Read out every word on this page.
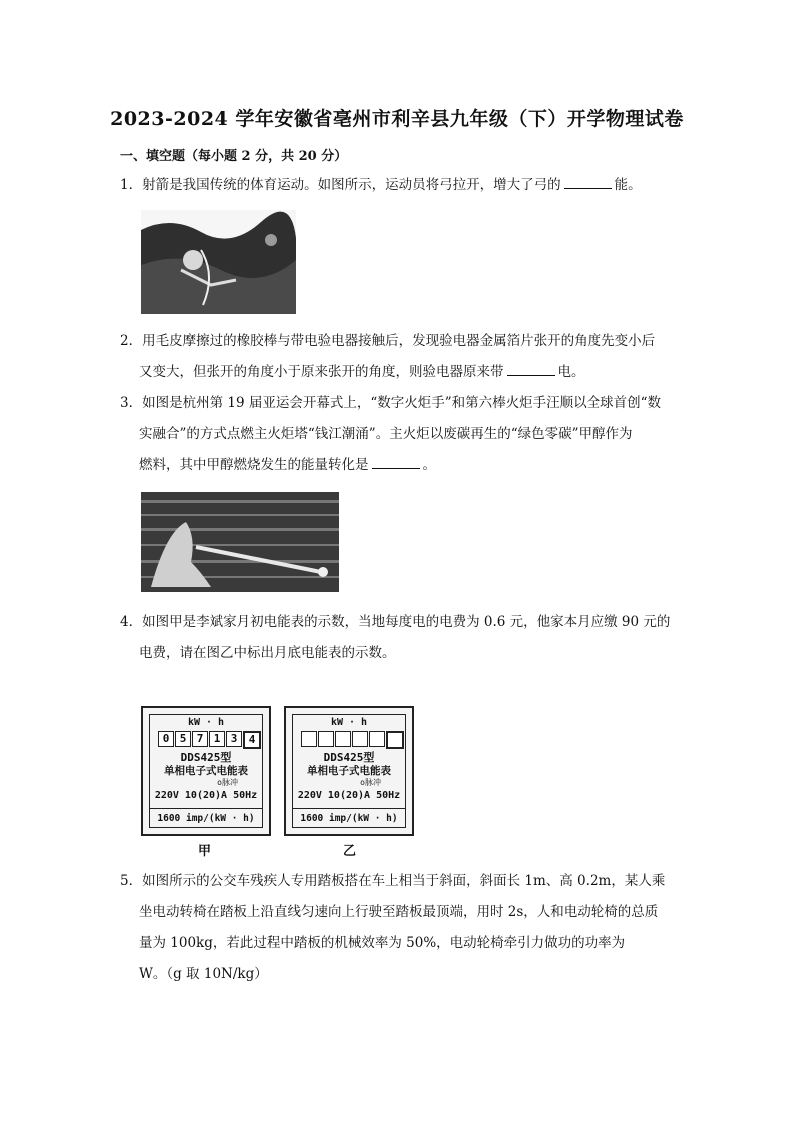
2023-2024 学年安徽省亳州市利辛县九年级（下）开学物理试卷
一、填空题（每小题 2 分，共 20 分）
1．射箭是我国传统的体育运动。如图所示，运动员将弓拉开，增大了弓的	能。
2．用毛皮摩擦过的橡胶棒与带电验电器接触后，发现验电器金属箔片张开的角度先变小后
又变大，但张开的角度小于原来张开的角度，则验电器原来带	电。
3．如图是杭州第 19 届亚运会开幕式上，“数字火炬手”和第六棒火炬手汪顺以全球首创“数
实融合”的方式点燃主火炬塔“钱江潮涌”。主火炬以废碳再生的“绿色零碳”甲醇作为
燃料，其中甲醇燃烧发生的能量转化是	。
4．如图甲是李斌家月初电能表的示数，当地每度电的电费为 0.6 元，他家本月应缴 90 元的
电费，请在图乙中标出月底电能表的示数。
kW · h
0 5 7 1 3	4
DDS425型
单相电子式电能表
o脉冲
220V 10(20)A 50Hz
1600 imp/(kW · h)
甲
kW · h
DDS425型
单相电子式电能表
o脉冲
220V 10(20)A 50Hz
1600 imp/(kW · h)
乙
5．如图所示的公交车残疾人专用踏板搭在车上相当于斜面，斜面长 1m、高 0.2m，某人乘
坐电动转椅在踏板上沿直线匀速向上行驶至踏板最顶端，用时 2s，人和电动轮椅的总质
量为 100kg，若此过程中踏板的机械效率为 50%，电动轮椅牵引力做功的功率为
W。（g 取 10N/kg）
